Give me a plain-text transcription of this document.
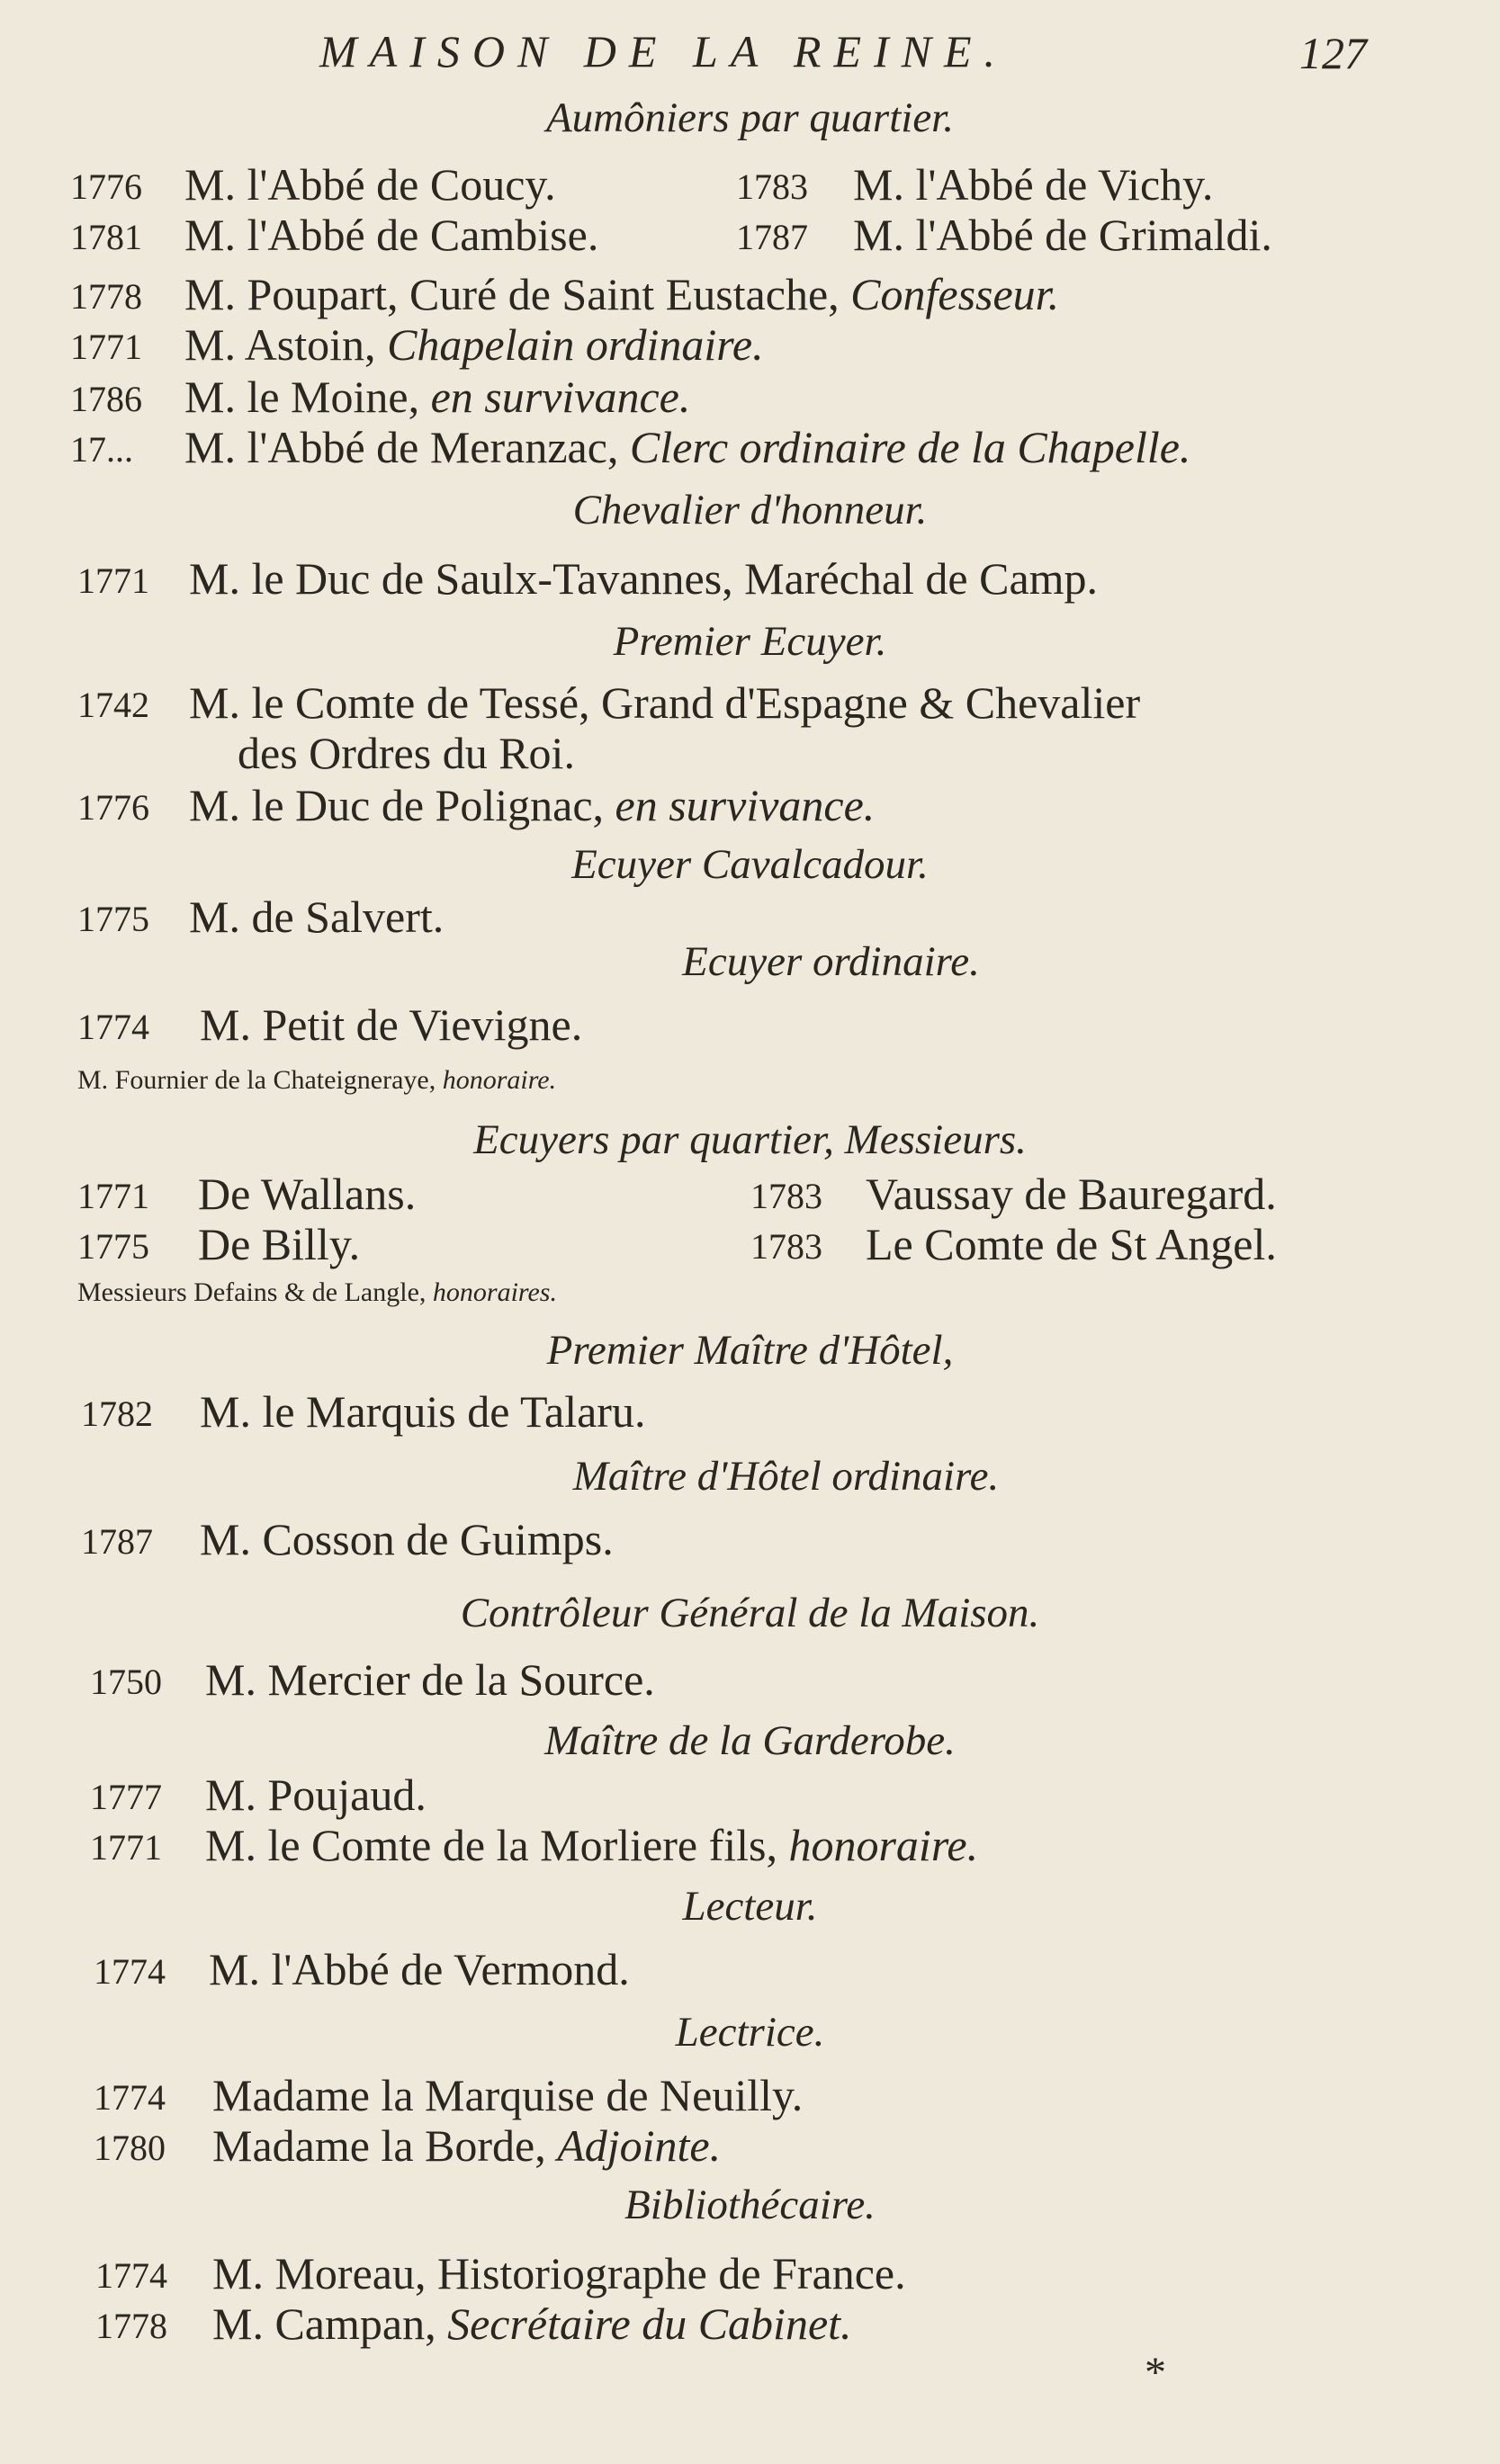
MAISON DE LA REINE.	127
Aumôniers par quartier.
1776 M. l'Abbé de Coucy.	1783 M. l'Abbé de Vichy.
1781 M. l'Abbé de Cambise.	1787 M. l'Abbé de Grimaldi.
1778 M. Poupart, Curé de Saint Eustache, Confesseur.
1771 M. Astoin, Chapelain ordinaire.
1786 M. le Moine, en survivance.
17... M. l'Abbé de Meranzac, Clerc ordinaire de la Chapelle.
Chevalier d'honneur.
1771 M. le Duc de Saulx-Tavannes, Maréchal de Camp.
Premier Ecuyer.
1742 M. le Comte de Tessé, Grand d'Espagne & Chevalier
des Ordres du Roi.
1776 M. le Duc de Polignac, en survivance.
Ecuyer Cavalcadour.
1775 M. de Salvert.
Ecuyer ordinaire.
1774 M. Petit de Vievigne.
M. Fournier de la Chateigneraye, honoraire.
Ecuyers par quartier, Messieurs.
1771 De Wallans.	1783 Vaussay de Bauregard.
1775 De Billy.	1783 Le Comte de St Angel.
Messieurs Defains & de Langle, honoraires.
Premier Maître d'Hôtel,
1782 M. le Marquis de Talaru.
Maître d'Hôtel ordinaire.
1787 M. Cosson de Guimps.
Contrôleur Général de la Maison.
1750 M. Mercier de la Source.
Maître de la Garderobe.
1777 M. Poujaud.
1771 M. le Comte de la Morliere fils, honoraire.
Lecteur.
1774 M. l'Abbé de Vermond.
Lectrice.
1774 Madame la Marquise de Neuilly.
1780 Madame la Borde, Adjointe.
Bibliothécaire.
1774 M. Moreau, Historiographe de France.
1778 M. Campan, Secrétaire du Cabinet.
*
